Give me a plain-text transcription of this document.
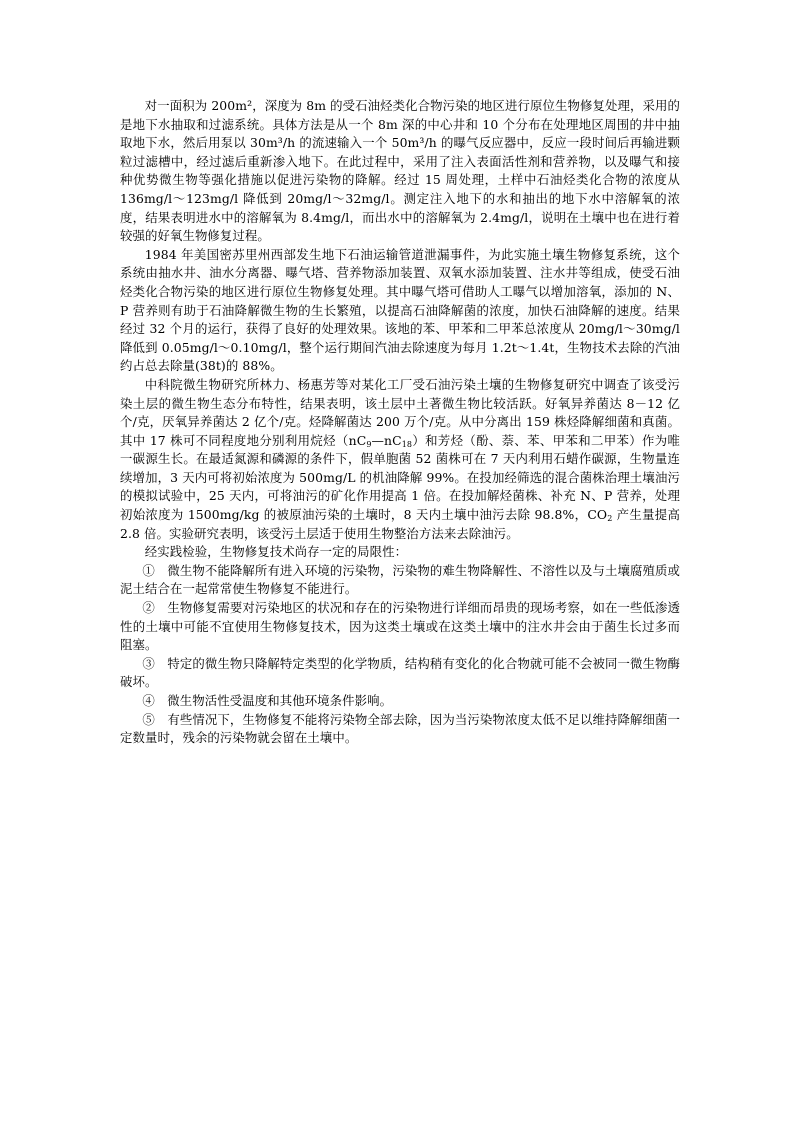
对一面积为 200m²，深度为 8m 的受石油烃类化合物污染的地区进行原位生物修复处理，采用的是地下水抽取和过滤系统。具体方法是从一个 8m 深的中心井和 10 个分布在处理地区周围的井中抽取地下水，然后用泵以 30m³/h 的流速输入一个 50m³/h 的曝气反应器中，反应一段时间后再输进颗粒过滤槽中，经过滤后重新渗入地下。在此过程中，采用了注入表面活性剂和营养物，以及曝气和接种优势微生物等强化措施以促进污染物的降解。经过 15 周处理，土样中石油烃类化合物的浓度从 136mg/l～123mg/l 降低到 20mg/l～32mg/l。测定注入地下的水和抽出的地下水中溶解氧的浓度，结果表明进水中的溶解氧为 8.4mg/l，而出水中的溶解氧为 2.4mg/l，说明在土壤中也在进行着较强的好氧生物修复过程。

1984 年美国密苏里州西部发生地下石油运输管道泄漏事件，为此实施土壤生物修复系统，这个系统由抽水井、油水分离器、曝气塔、营养物添加装置、双氧水添加装置、注水井等组成，使受石油烃类化合物污染的地区进行原位生物修复处理。其中曝气塔可借助人工曝气以增加溶氧，添加的 N、P 营养则有助于石油降解微生物的生长繁殖，以提高石油降解菌的浓度，加快石油降解的速度。结果经过 32 个月的运行，获得了良好的处理效果。该地的苯、甲苯和二甲苯总浓度从 20mg/l～30mg/l 降低到 0.05mg/l～0.10mg/l，整个运行期间汽油去除速度为每月 1.2t～1.4t，生物技术去除的汽油约占总去除量(38t)的 88%。

中科院微生物研究所林力、杨惠芳等对某化工厂受石油污染土壤的生物修复研究中调查了该受污染土层的微生物生态分布特性，结果表明，该土层中土著微生物比较活跃。好氧异养菌达 8－12 亿个/克，厌氧异养菌达 2 亿个/克。烃降解菌达 200 万个/克。从中分离出 159 株烃降解细菌和真菌。其中 17 株可不同程度地分别利用烷烃$(nC_9—nC_{18})$和芳烃（酚、萘、苯、甲苯和二甲苯）作为唯一碳源生长。在最适氮源和磷源的条件下，假单胞菌 52 菌株可在 7 天内利用石蜡作碳源，生物量连续增加，3 天内可将初始浓度为 500mg/L 的机油降解 99%。在投加经筛选的混合菌株治理土壤油污的模拟试验中，25 天内，可将油污的矿化作用提高 1 倍。在投加解烃菌株、补充 N、P 营养，处理初始浓度为 1500mg/kg 的被原油污染的土壤时，8 天内土壤中油污去除 98.8%，$CO_2$ 产生量提高 2.8 倍。实验研究表明，该受污土层适于使用生物整治方法来去除油污。

经实践检验，生物修复技术尚存一定的局限性：

①　微生物不能降解所有进入环境的污染物，污染物的难生物降解性、不溶性以及与土壤腐殖质或泥土结合在一起常常使生物修复不能进行。

②　生物修复需要对污染地区的状况和存在的污染物进行详细而昂贵的现场考察，如在一些低渗透性的土壤中可能不宜使用生物修复技术，因为这类土壤或在这类土壤中的注水井会由于菌生长过多而阻塞。

③　特定的微生物只降解特定类型的化学物质，结构稍有变化的化合物就可能不会被同一微生物酶破坏。

④　微生物活性受温度和其他环境条件影响。

⑤　有些情况下，生物修复不能将污染物全部去除，因为当污染物浓度太低不足以维持降解细菌一定数量时，残余的污染物就会留在土壤中。
